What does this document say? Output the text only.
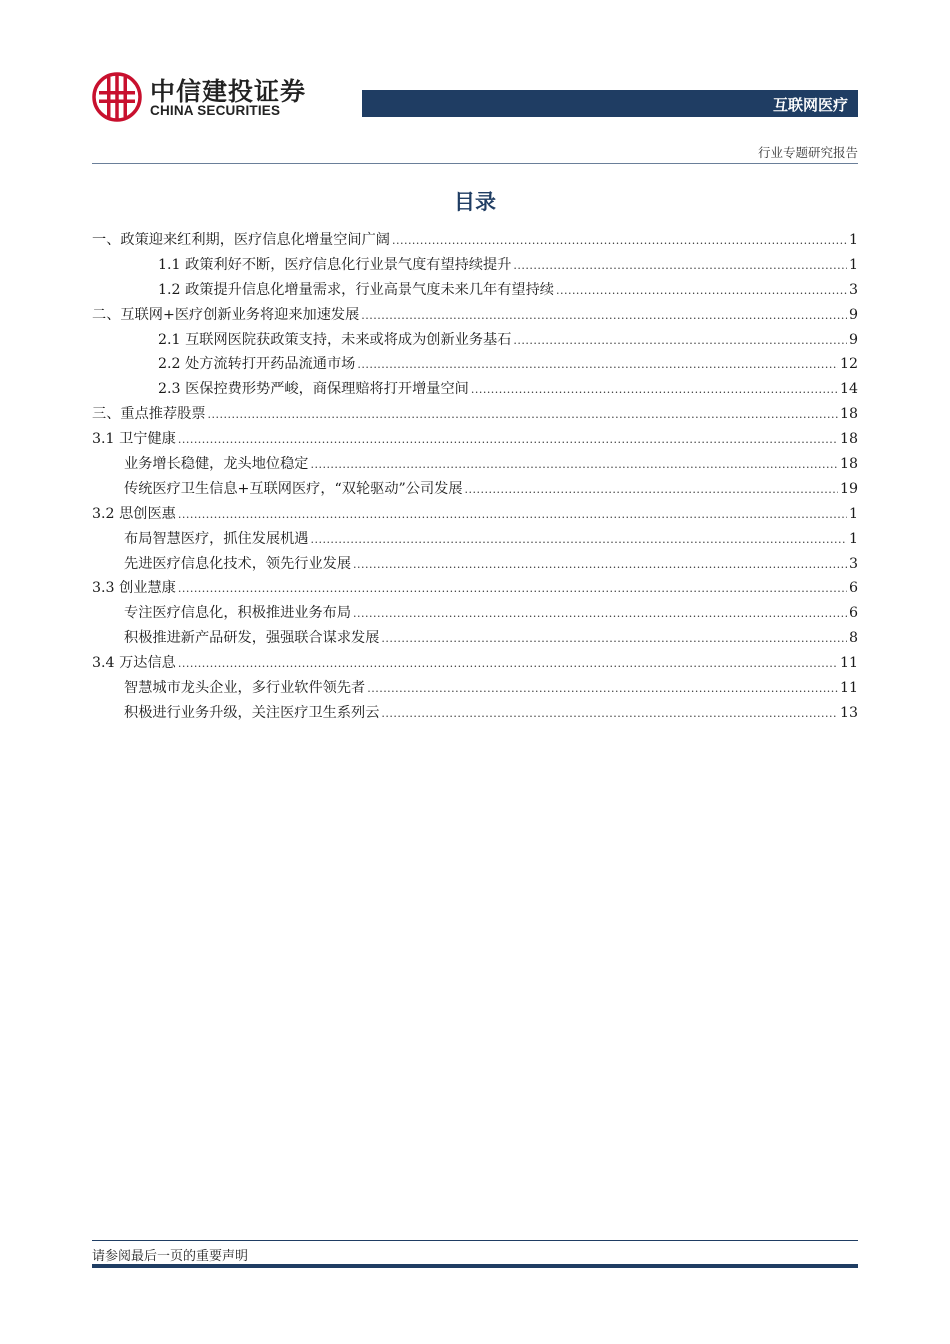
中信建投证券
CHINA SECURITIES	互联网医疗
行业专题研究报告
目录
一、政策迎来红利期，医疗信息化增量空间广阔 .....	1
1.1 政策利好不断，医疗信息化行业景气度有望持续提升 .....	1
1.2 政策提升信息化增量需求，行业高景气度未来几年有望持续 .....	3
二、互联网+医疗创新业务将迎来加速发展 .....	9
2.1 互联网医院获政策支持，未来或将成为创新业务基石 .....	9
2.2 处方流转打开药品流通市场 .....	12
2.3 医保控费形势严峻，商保理赔将打开增量空间 .....	14
三、重点推荐股票 .....	18
3.1 卫宁健康 .....	18
业务增长稳健，龙头地位稳定 .....	18
传统医疗卫生信息+互联网医疗，“双轮驱动”公司发展 .....	19
3.2 思创医惠 .....	1
布局智慧医疗，抓住发展机遇 .....	1
先进医疗信息化技术，领先行业发展 .....	3
3.3 创业慧康 .....	6
专注医疗信息化，积极推进业务布局 .....	6
积极推进新产品研发，强强联合谋求发展 .....	8
3.4 万达信息 .....	11
智慧城市龙头企业，多行业软件领先者 .....	11
积极进行业务升级，关注医疗卫生系列云 .....	13
请参阅最后一页的重要声明
